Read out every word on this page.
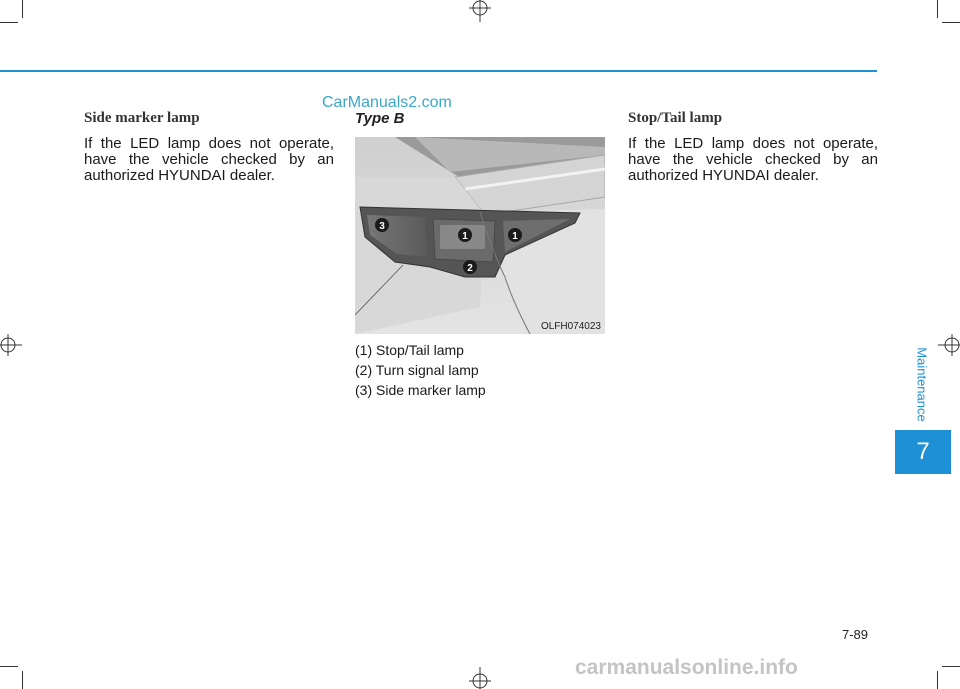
CarManuals2.com
Side marker lamp

If the LED lamp does not operate, have the vehicle checked by an authorized HYUNDAI dealer.

Type B
1	1
2
3
OLFH074023
(1) Stop/Tail lamp
(2) Turn signal lamp
(3) Side marker lamp
Stop/Tail lamp

If the LED lamp does not operate, have the vehicle checked by an authorized HYUNDAI dealer.

Maintenance
7
7-89
carmanualsonline.info
